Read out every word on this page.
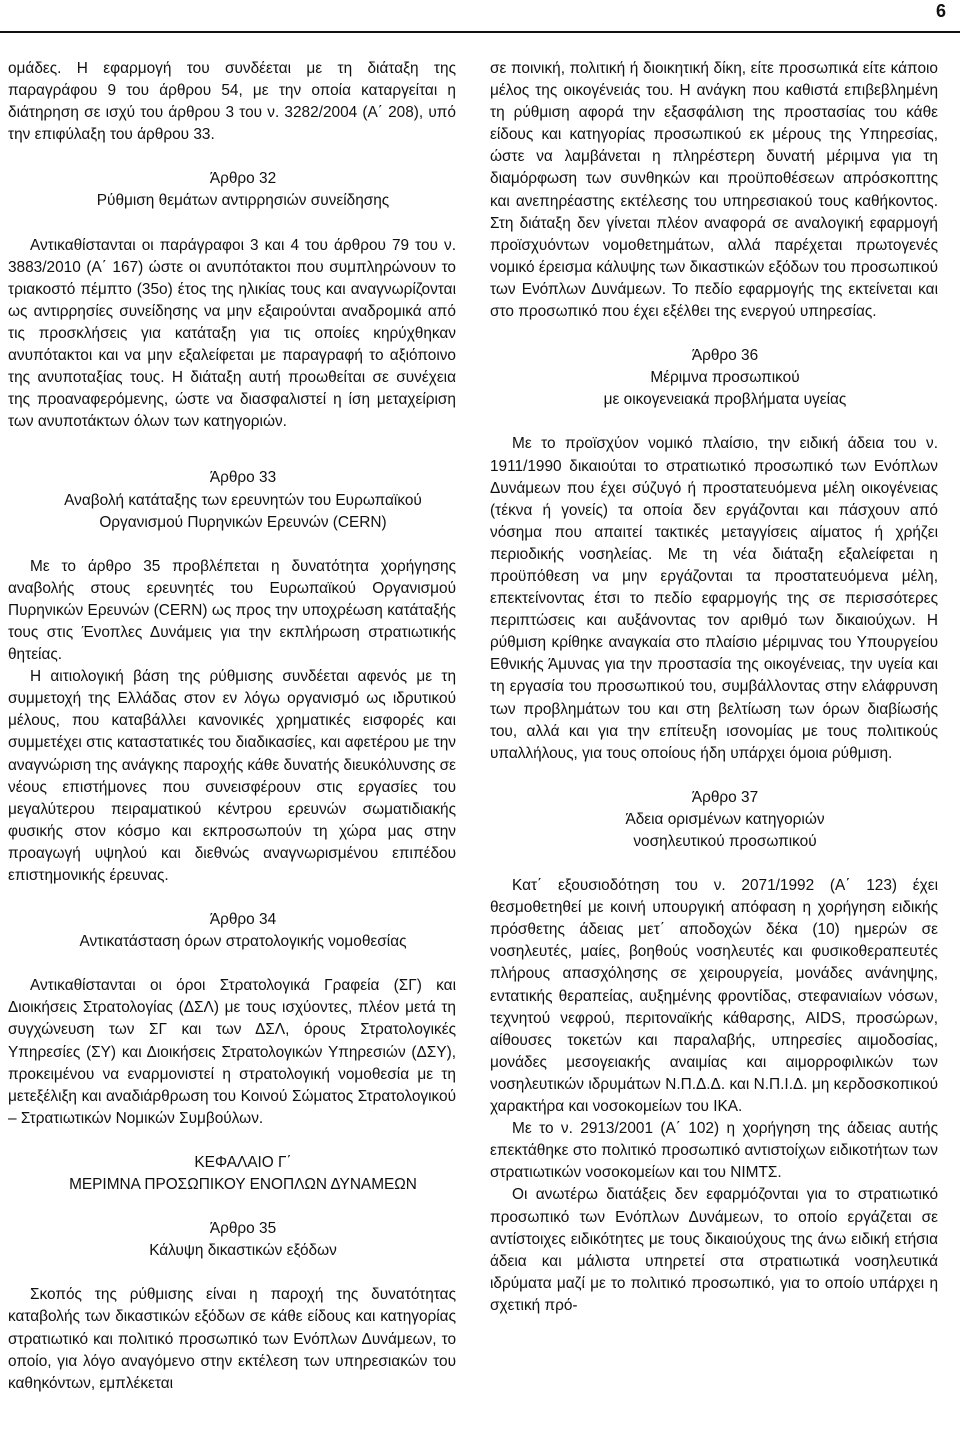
6

ομάδες. Η εφαρμογή του συνδέεται με τη διάταξη της παραγράφου 9 του άρθρου 54, με την οποία καταργείται η διάτηρηση σε ισχύ του άρθρου 3 του ν. 3282/2004 (Α΄ 208), υπό την επιφύλαξη του άρθρου 33.

Άρθρο 32

Ρύθμιση θεμάτων αντιρρησιών συνείδησης

Αντικαθίστανται οι παράγραφοι 3 και 4 του άρθρου 79 του ν. 3883/2010 (Α΄ 167) ώστε οι ανυπότακτοι που συμπληρώνουν το τριακοστό πέμπτο (35ο) έτος της ηλικίας τους και αναγνωρίζονται ως αντιρρησίες συνείδησης να μην εξαιρούνται αναδρομικά από τις προσκλήσεις για κατάταξη για τις οποίες κηρύχθηκαν ανυπότακτοι και να μην εξαλείφεται με παραγραφή το αξιόποινο της ανυποταξίας τους. Η διάταξη αυτή προωθείται σε συνέχεια της προαναφερόμενης, ώστε να διασφαλιστεί η ίση μεταχείριση των ανυποτάκτων όλων των κατηγοριών.

Άρθρο 33

Αναβολή κατάταξης των ερευνητών του Ευρωπαϊκού

Οργανισμού Πυρηνικών Ερευνών (CERN)

Με το άρθρο 35 προβλέπεται η δυνατότητα χορήγησης αναβολής στους ερευνητές του Ευρωπαϊκού Οργανισμού Πυρηνικών Ερευνών (CERN) ως προς την υποχρέωση κατάταξής τους στις Ένοπλες Δυνάμεις για την εκπλήρωση στρατιωτικής θητείας.

Η αιτιολογική βάση της ρύθμισης συνδέεται αφενός με τη συμμετοχή της Ελλάδας στον εν λόγω οργανισμό ως ιδρυτικού μέλους, που καταβάλλει κανονικές χρηματικές εισφορές και συμμετέχει στις καταστατικές του διαδικασίες, και αφετέρου με την αναγνώριση της ανάγκης παροχής κάθε δυνατής διευκόλυνσης σε νέους επιστήμονες που συνεισφέρουν στις εργασίες του μεγαλύτερου πειραματικού κέντρου ερευνών σωματιδιακής φυσικής στον κόσμο και εκπροσωπούν τη χώρα μας στην προαγωγή υψηλού και διεθνώς αναγνωρισμένου επιπέδου επιστημονικής έρευνας.

Άρθρο 34

Αντικατάσταση όρων στρατολογικής νομοθεσίας

Αντικαθίστανται οι όροι Στρατολογικά Γραφεία (ΣΓ) και Διοικήσεις Στρατολογίας (ΔΣΛ) με τους ισχύοντες, πλέον μετά τη συγχώνευση των ΣΓ και των ΔΣΛ, όρους Στρατολογικές Υπηρεσίες (ΣΥ) και Διοικήσεις Στρατολογικών Υπηρεσιών (ΔΣΥ), προκειμένου να εναρμονιστεί η στρατολογική νομοθεσία με τη μετεξέλιξη και αναδιάρθρωση του Κοινού Σώματος Στρατολογικού – Στρατιωτικών Νομικών Συμβούλων.

ΚΕΦΑΛΑΙΟ Γ΄

ΜΕΡΙΜΝΑ ΠΡΟΣΩΠΙΚΟΥ ΕΝΟΠΛΩΝ ΔΥΝΑΜΕΩΝ

Άρθρο 35

Κάλυψη δικαστικών εξόδων

Σκοπός της ρύθμισης είναι η παροχή της δυνατότητας καταβολής των δικαστικών εξόδων σε κάθε είδους και κατηγορίας στρατιωτικό και πολιτικό προσωπικό των Ενόπλων Δυνάμεων, το οποίο, για λόγο αναγόμενο στην εκτέλεση των υπηρεσιακών του καθηκόντων, εμπλέκεται

σε ποινική, πολιτική ή διοικητική δίκη, είτε προσωπικά είτε κάποιο μέλος της οικογένειάς του. Η ανάγκη που καθιστά επιβεβλημένη τη ρύθμιση αφορά την εξασφάλιση της προστασίας του κάθε είδους και κατηγορίας προσωπικού εκ μέρους της Υπηρεσίας, ώστε να λαμβάνεται η πληρέστερη δυνατή μέριμνα για τη διαμόρφωση των συνθηκών και προϋποθέσεων απρόσκοπτης και ανεπηρέαστης εκτέλεσης του υπηρεσιακού τους καθήκοντος. Στη διάταξη δεν γίνεται πλέον αναφορά σε αναλογική εφαρμογή προϊσχυόντων νομοθετημάτων, αλλά παρέχεται πρωτογενές νομικό έρεισμα κάλυψης των δικαστικών εξόδων του προσωπικού των Ενόπλων Δυνάμεων. Το πεδίο εφαρμογής της εκτείνεται και στο προσωπικό που έχει εξέλθει της ενεργού υπηρεσίας.

Άρθρο 36

Μέριμνα προσωπικού

με οικογενειακά προβλήματα υγείας

Με το προϊσχύον νομικό πλαίσιο, την ειδική άδεια του ν. 1911/1990 δικαιούται το στρατιωτικό προσωπικό των Ενόπλων Δυνάμεων που έχει σύζυγό ή προστατευόμενα μέλη οικογένειας (τέκνα ή γονείς) τα οποία δεν εργάζονται και πάσχουν από νόσημα που απαιτεί τακτικές μεταγγίσεις αίματος ή χρήζει περιοδικής νοσηλείας. Με τη νέα διάταξη εξαλείφεται η προϋπόθεση να μην εργάζονται τα προστατευόμενα μέλη, επεκτείνοντας έτσι το πεδίο εφαρμογής της σε περισσότερες περιπτώσεις και αυξάνοντας τον αριθμό των δικαιούχων. Η ρύθμιση κρίθηκε αναγκαία στο πλαίσιο μέριμνας του Υπουργείου Εθνικής Άμυνας για την προστασία της οικογένειας, την υγεία και τη εργασία του προσωπικού του, συμβάλλοντας στην ελάφρυνση των προβλημάτων του και στη βελτίωση των όρων διαβίωσής του, αλλά και για την επίτευξη ισονομίας με τους πολιτικούς υπαλλήλους, για τους οποίους ήδη υπάρχει όμοια ρύθμιση.

Άρθρο 37

Άδεια ορισμένων κατηγοριών

νοσηλευτικού προσωπικού

Κατ΄ εξουσιοδότηση του ν. 2071/1992 (Α΄ 123) έχει θεσμοθετηθεί με κοινή υπουργική απόφαση η χορήγηση ειδικής πρόσθετης άδειας μετ΄ αποδοχών δέκα (10) ημερών σε νοσηλευτές, μαίες, βοηθούς νοσηλευτές και φυσικοθεραπευτές πλήρους απασχόλησης σε χειρουργεία, μονάδες ανάνηψης, εντατικής θεραπείας, αυξημένης φροντίδας, στεφανιαίων νόσων, τεχνητού νεφρού, περιτοναϊκής κάθαρσης, AIDS, προσώρων, αίθουσες τοκετών και παραλαβής, υπηρεσίες αιμοδοσίας, μονάδες μεσογειακής αναιμίας και αιμορροφιλικών των νοσηλευτικών ιδρυμάτων Ν.Π.Δ.Δ. και Ν.Π.Ι.Δ. μη κερδοσκοπικού χαρακτήρα και νοσοκομείων του ΙΚΑ.

Με το ν. 2913/2001 (Α΄ 102) η χορήγηση της άδειας αυτής επεκτάθηκε στο πολιτικό προσωπικό αντιστοίχων ειδικοτήτων των στρατιωτικών νοσοκομείων και του ΝΙΜΤΣ.

Οι ανωτέρω διατάξεις δεν εφαρμόζονται για το στρατιωτικό προσωπικό των Ενόπλων Δυνάμεων, το οποίο εργάζεται σε αντίστοιχες ειδικότητες με τους δικαιούχους της άνω ειδική ετήσια άδεια και μάλιστα υπηρετεί στα στρατιωτικά νοσηλευτικά ιδρύματα μαζί με το πολιτικό προσωπικό, για το οποίο υπάρχει η σχετική πρό-
